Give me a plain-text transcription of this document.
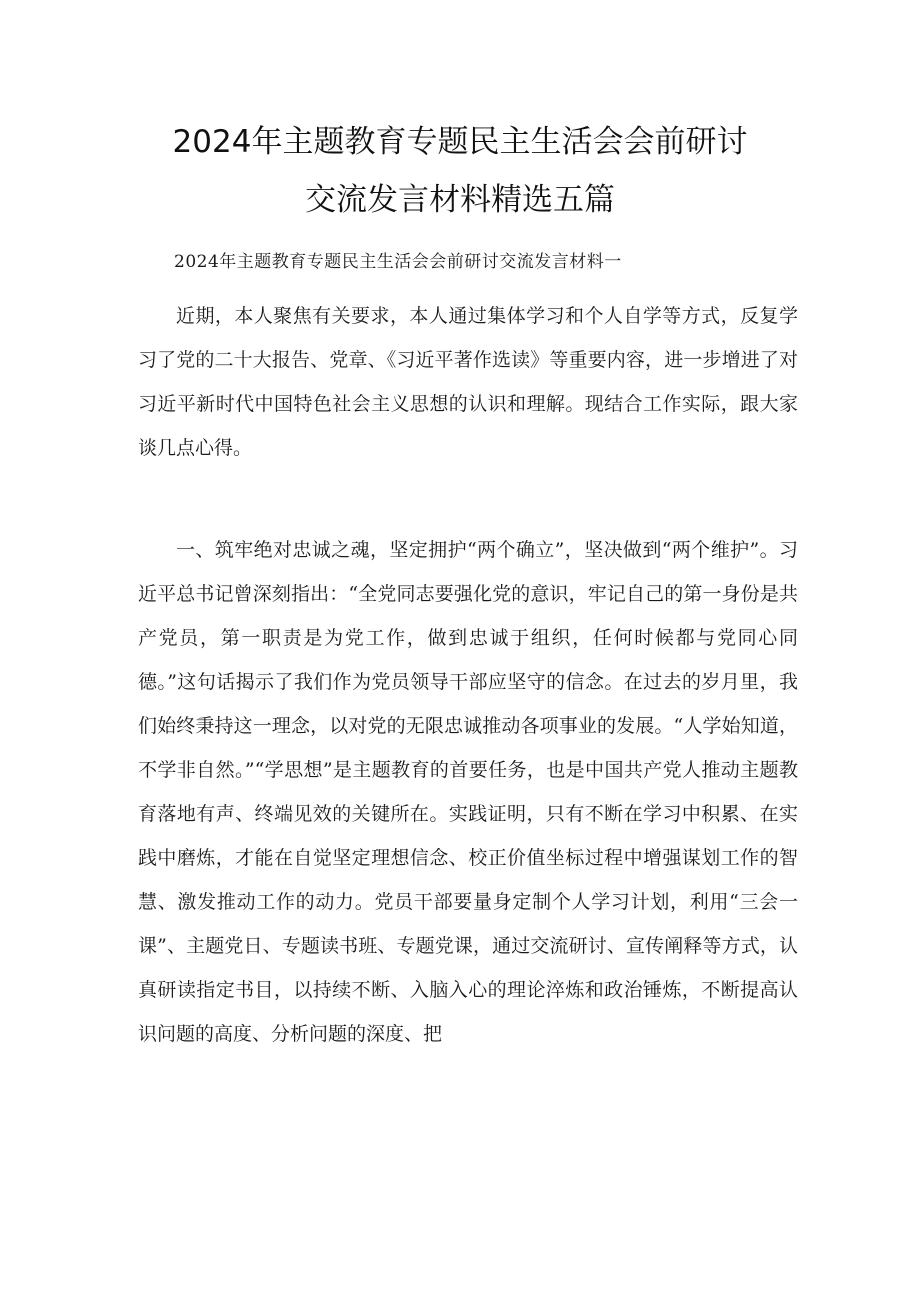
2024年主题教育专题民主生活会会前研讨
交流发言材料精选五篇
2024年主题教育专题民主生活会会前研讨交流发言材料一

近期，本人聚焦有关要求，本人通过集体学习和个人自学等方式，反复学习了党的二十大报告、党章、《习近平著作选读》等重要内容，进一步增进了对习近平新时代中国特色社会主义思想的认识和理解。现结合工作实际，跟大家谈几点心得。

一、筑牢绝对忠诚之魂，坚定拥护“两个确立”，坚决做到“两个维护”。习近平总书记曾深刻指出：“全党同志要强化党的意识，牢记自己的第一身份是共产党员，第一职责是为党工作，做到忠诚于组织，任何时候都与党同心同德。”这句话揭示了我们作为党员领导干部应坚守的信念。在过去的岁月里，我们始终秉持这一理念，以对党的无限忠诚推动各项事业的发展。“人学始知道，不学非自然。”“学思想”是主题教育的首要任务，也是中国共产党人推动主题教育落地有声、终端见效的关键所在。实践证明，只有不断在学习中积累、在实践中磨炼，才能在自觉坚定理想信念、校正价值坐标过程中增强谋划工作的智慧、激发推动工作的动力。党员干部要量身定制个人学习计划，利用“三会一课”、主题党日、专题读书班、专题党课，通过交流研讨、宣传阐释等方式，认真研读指定书目，以持续不断、入脑入心的理论淬炼和政治锤炼，不断提高认识问题的高度、分析问题的深度、把
